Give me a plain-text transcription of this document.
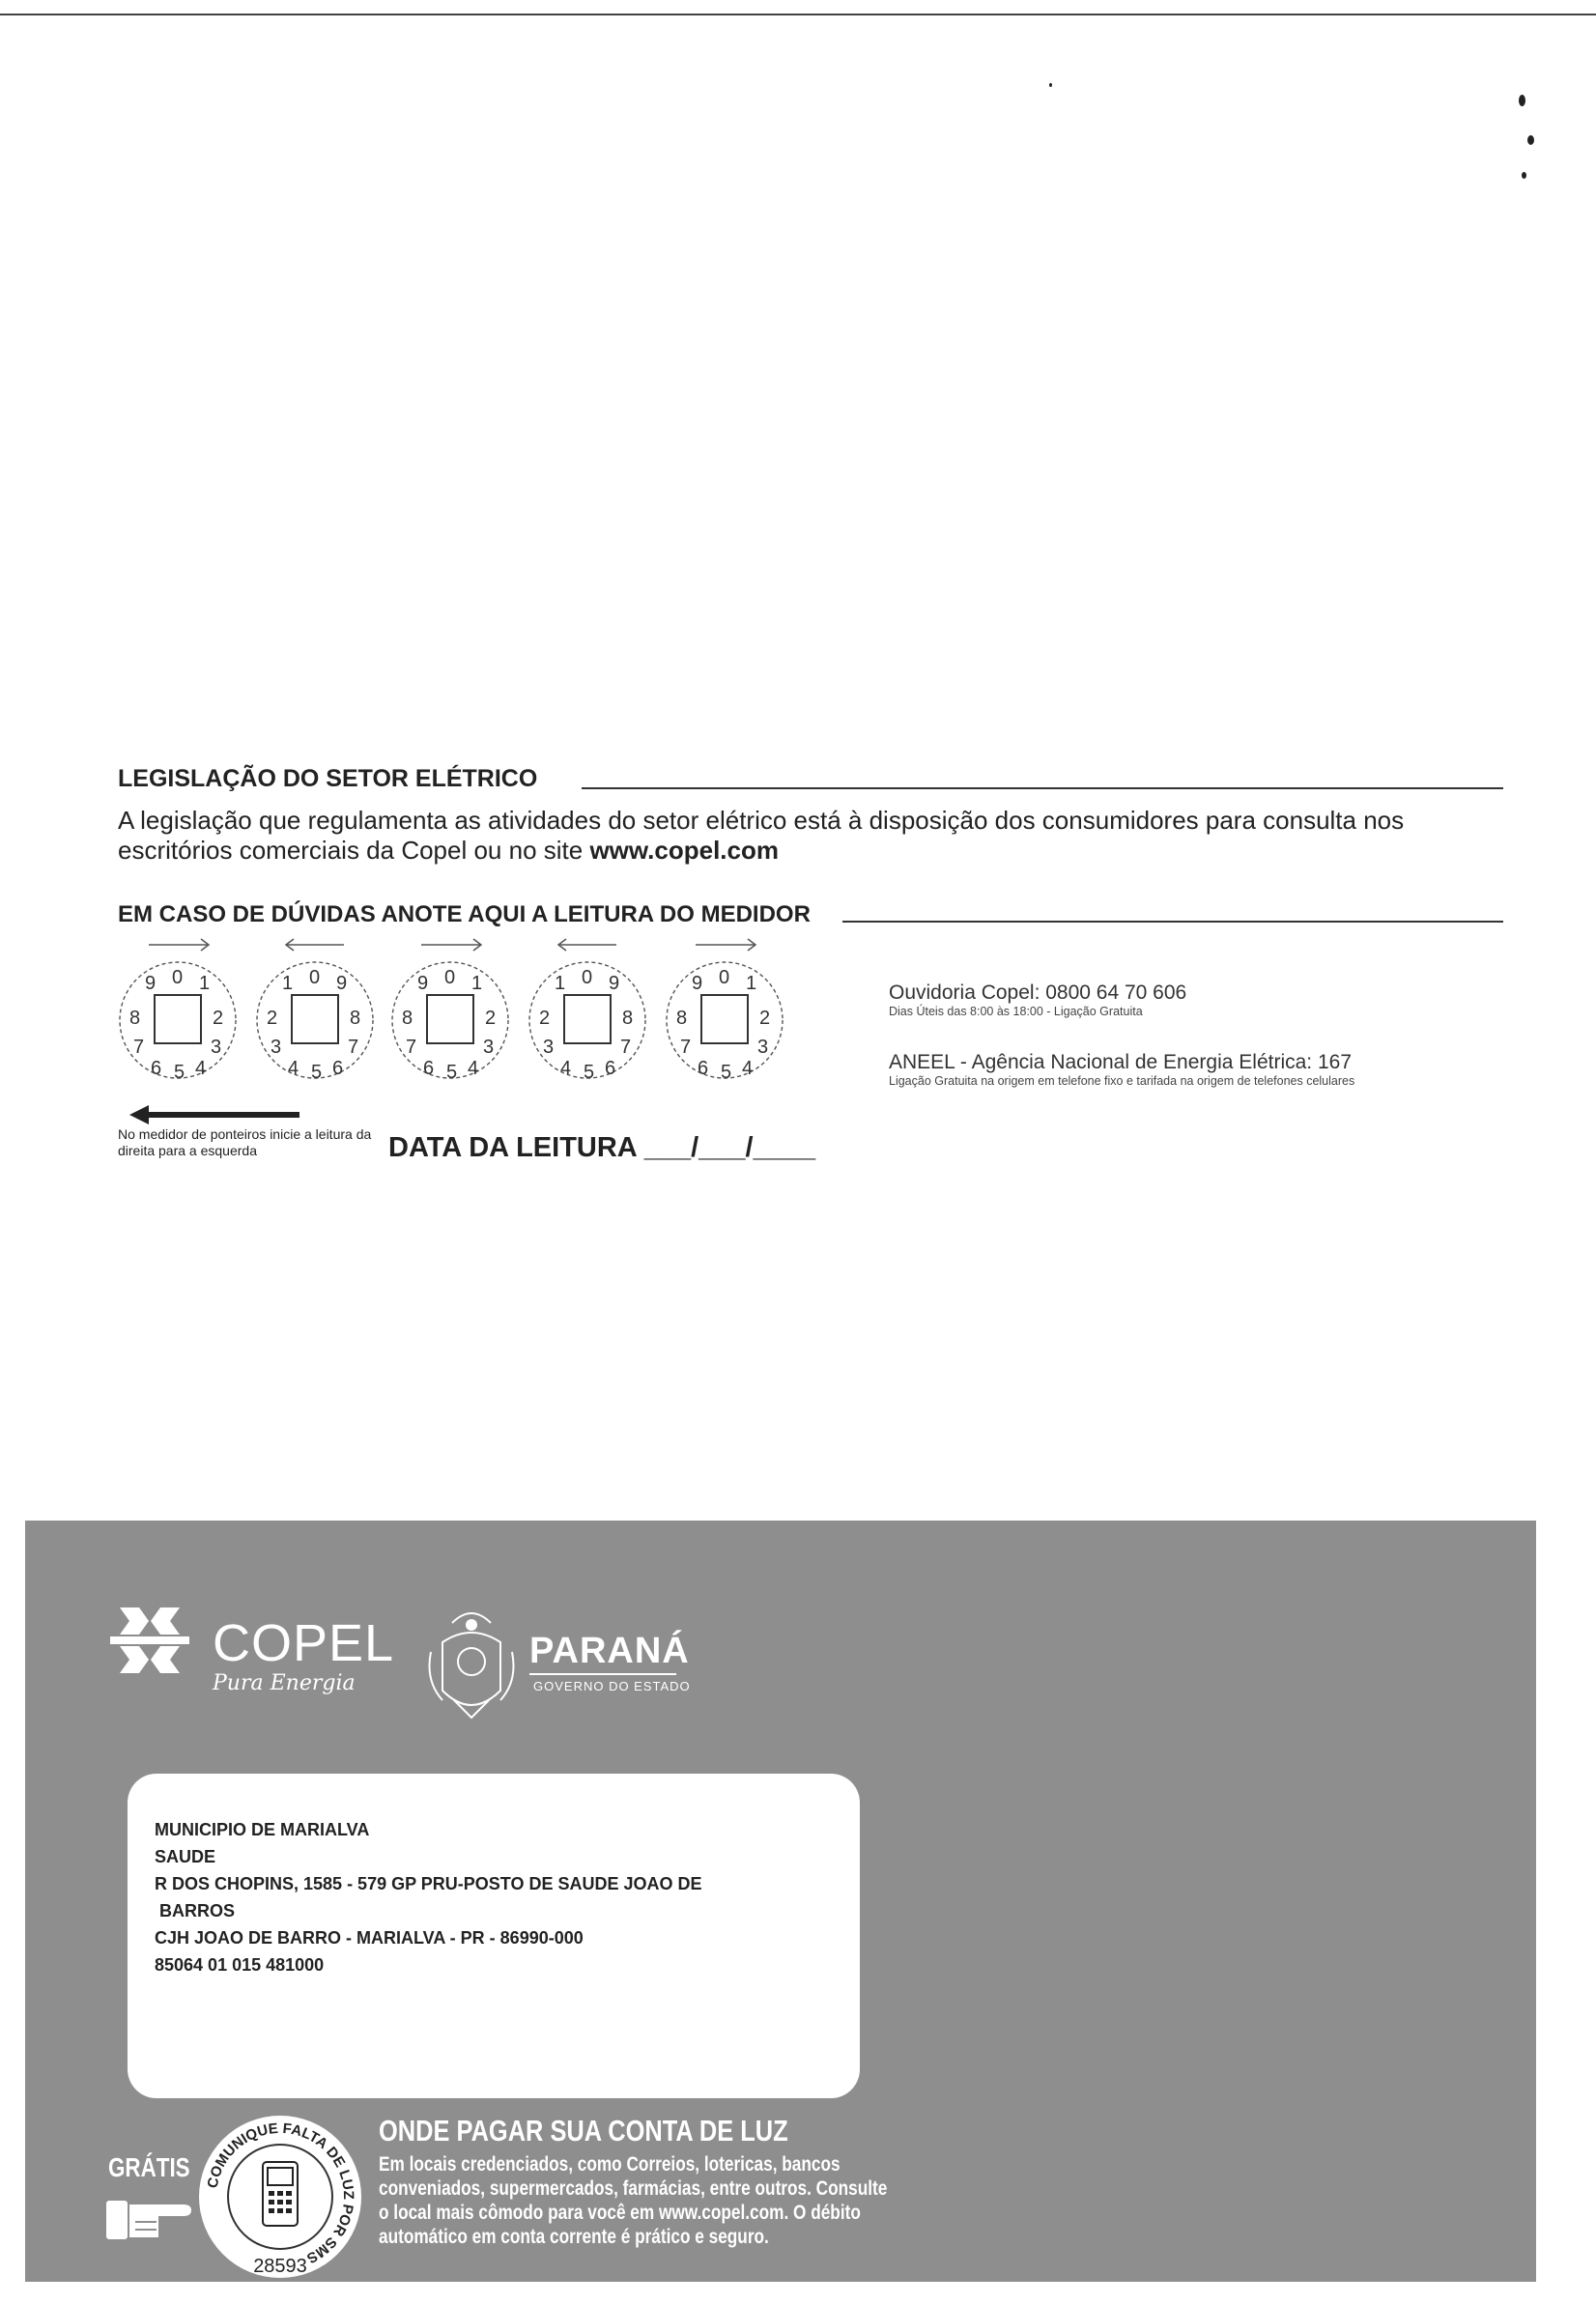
LEGISLAÇÃO DO SETOR ELÉTRICO
A legislação que regulamenta as atividades do setor elétrico está à disposição dos consumidores para consulta nos escritórios comerciais da Copel ou no site www.copel.com
EM CASO DE DÚVIDAS ANOTE AQUI A LEITURA DO MEDIDOR
0
9 1
8	2
7	3
6 5 4
0
1 9
2	8
3	7
4 5 6
0
9 1
8	2
7	3
6 5 4
0
1 9
2	8
3	7
4 5 6
0
9 1
8	2
7	3
6 5 4
No medidor de ponteiros inicie a leitura da direita para a esquerda	DATA DA LEITURA ___/___/____
Ouvidoria Copel: 0800 64 70 606
Dias Úteis das 8:00 às 18:00 - Ligação Gratuita
ANEEL - Agência Nacional de Energia Elétrica: 167
Ligação Gratuita na origem em telefone fixo e tarifada na origem de telefones celulares
COPEL
Pura Energia
PARANÁ
GOVERNO DO ESTADO
MUNICIPIO DE MARIALVA
SAUDE
R DOS CHOPINS, 1585 - 579 GP PRU-POSTO DE SAUDE JOAO DE
BARROS
CJH JOAO DE BARRO - MARIALVA - PR - 86990-000
85064 01 015 481000
GRÁTIS
COMUNIQUE FALTA DE LUZ POR SMS
28593
ONDE PAGAR SUA CONTA DE LUZ
Em locais credenciados, como Correios, lotericas, bancos
conveniados, supermercados, farmácias, entre outros. Consulte
o local mais cômodo para você em www.copel.com. O débito
automático em conta corrente é prático e seguro.
